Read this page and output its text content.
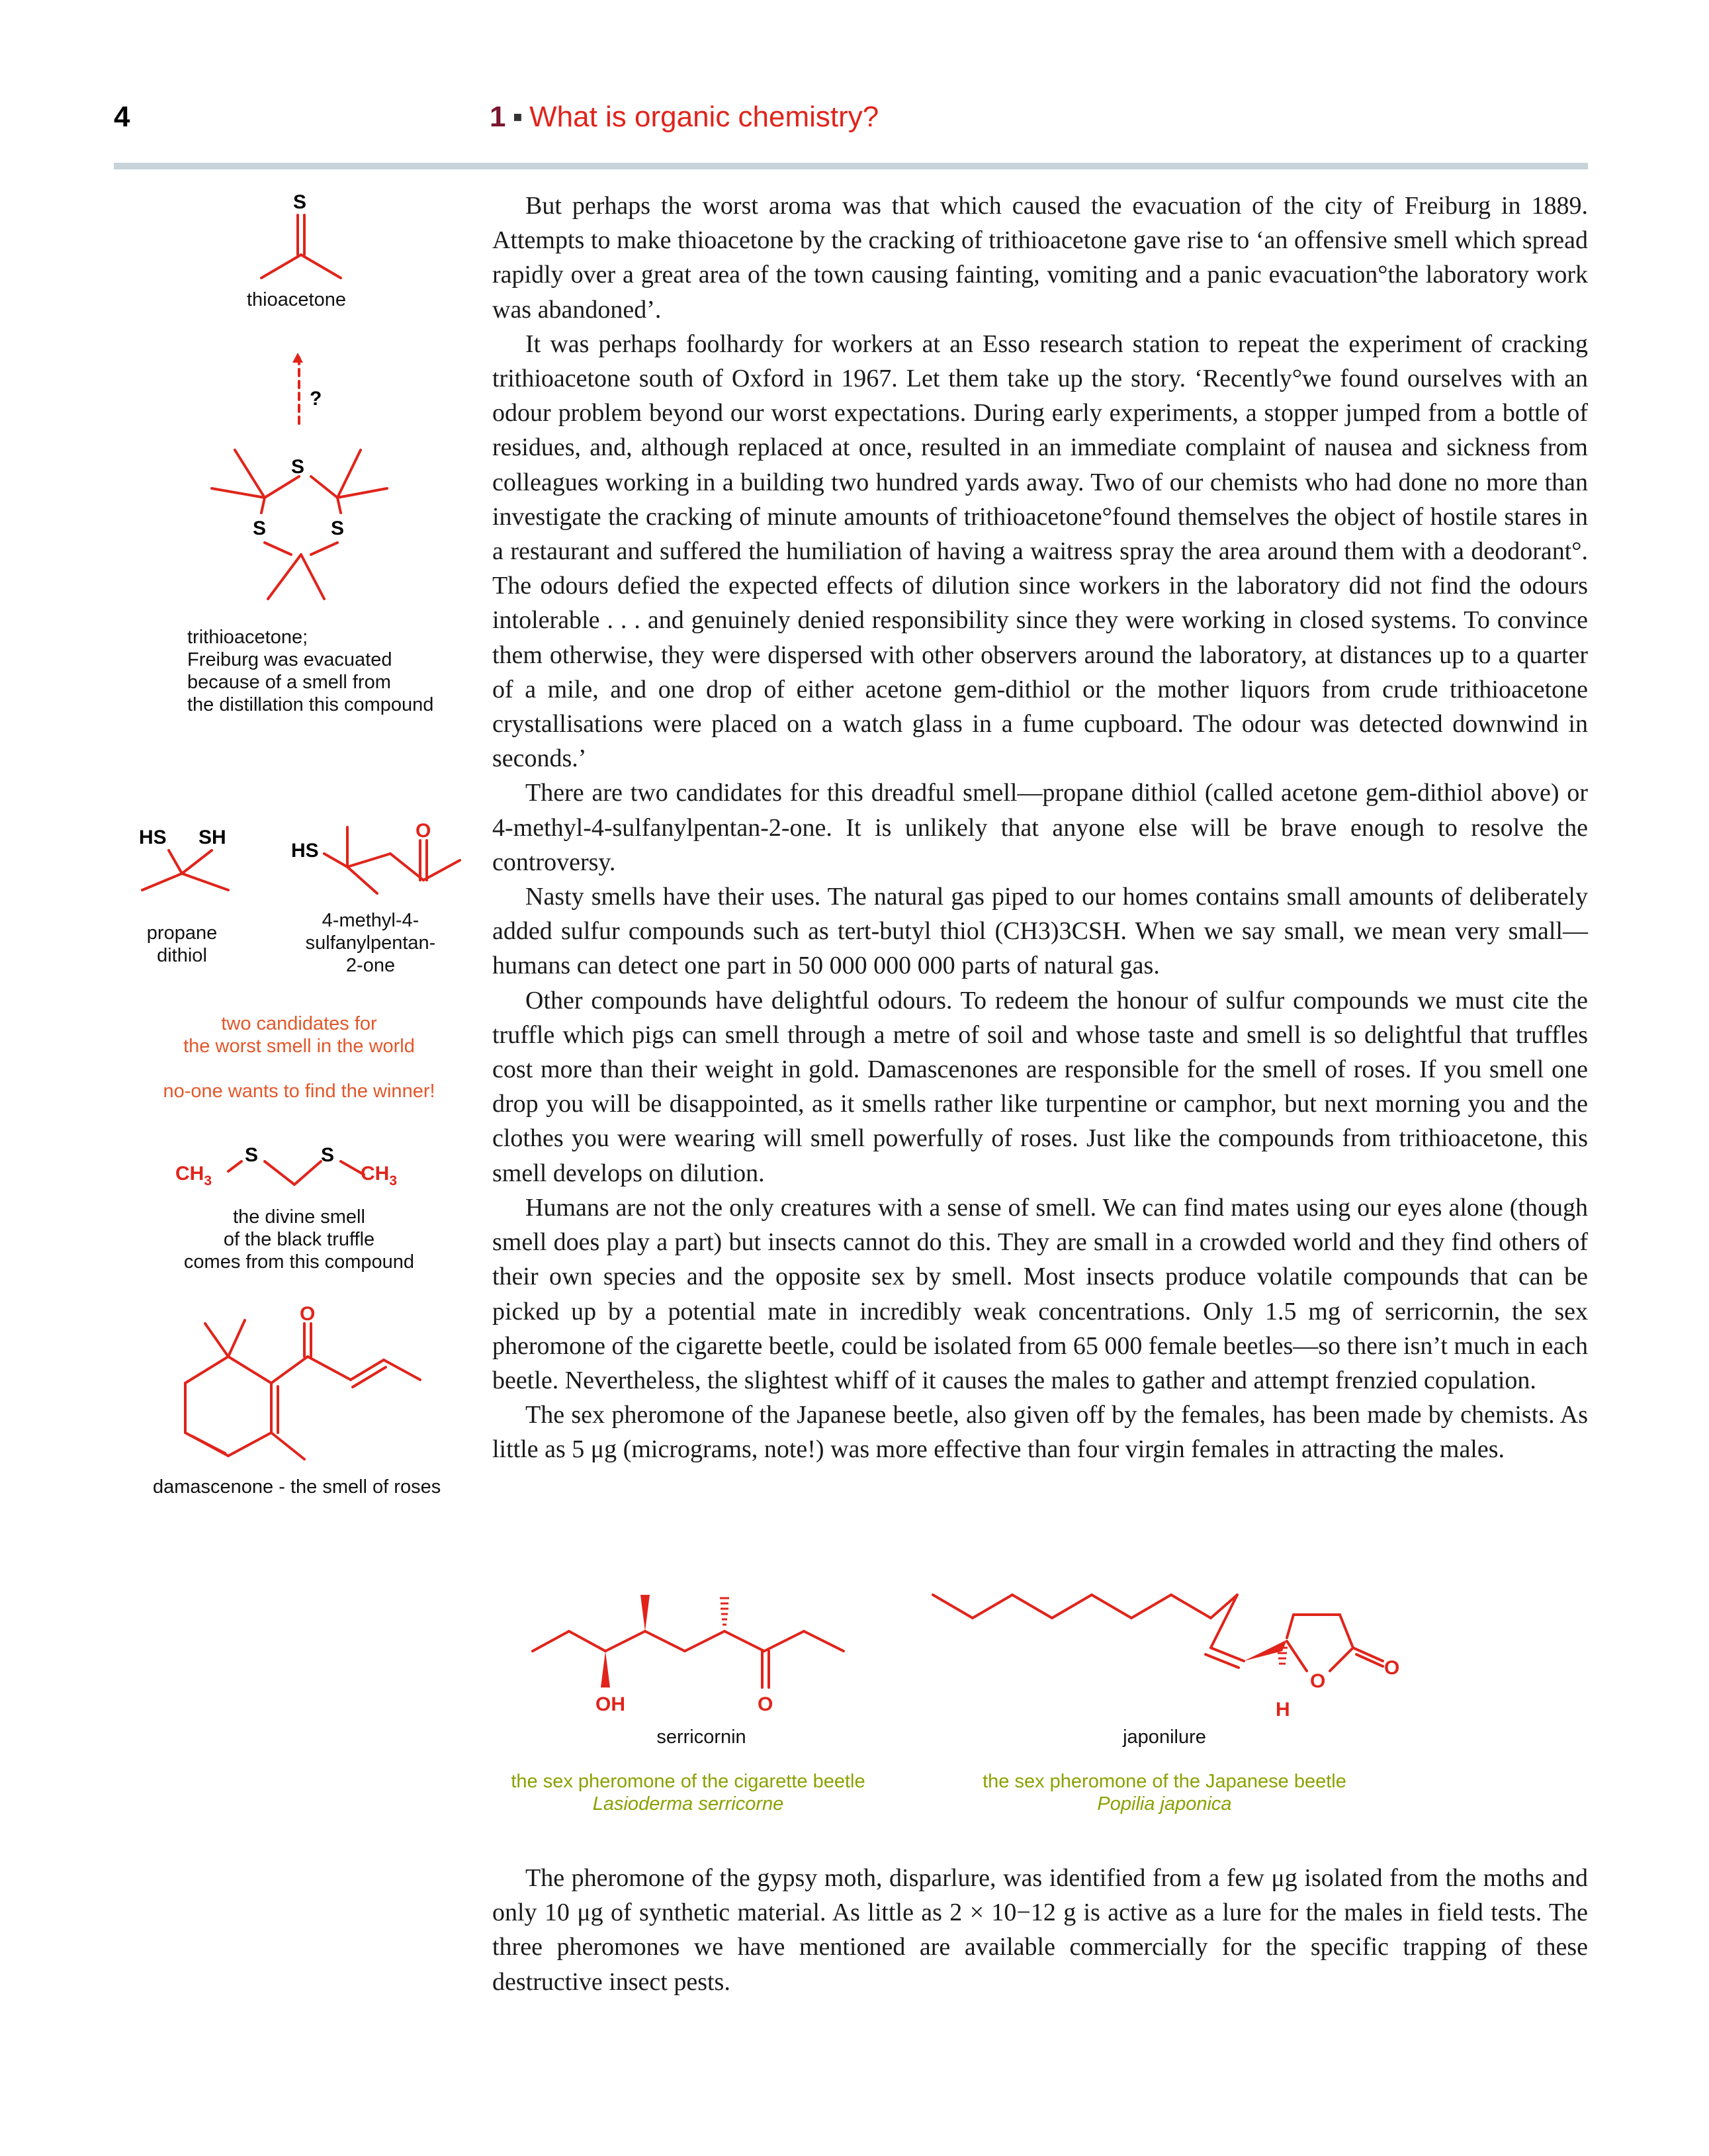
4	1 ▪ What is organic chemistry?
S
S
S	S
HS SH
HS
S	S
O
$CH_3$	$CH_3$
O
OH	O	H
O
O
?
thioacetone
trithioacetone;
Freiburg was evacuated
because of a smell from
the distillation this compound
propane
dithiol
4-methyl-4-
sulfanylpentan-
2-one
two candidates for
the worst smell in the world
no-one wants to find the winner!
the divine smell
of the black truffle
comes from this compound
damascenone - the smell of roses

But perhaps the worst aroma was that which caused the evacuation of the city of Freiburg in 1889. Attempts to make thioacetone by the cracking of trithioacetone gave rise to ‘an offensive smell which spread rapidly over a great area of the town causing fainting, vomiting and a panic evacuation°the laboratory work was abandoned’.

It was perhaps foolhardy for workers at an Esso research station to repeat the experiment of cracking trithioacetone south of Oxford in 1967. Let them take up the story. ‘Recently°we found ourselves with an odour problem beyond our worst expectations. During early experiments, a stopper jumped from a bottle of residues, and, although replaced at once, resulted in an immediate complaint of nausea and sickness from colleagues working in a building two hundred yards away. Two of our chemists who had done no more than investigate the cracking of minute amounts of trithioacetone°found themselves the object of hostile stares in a restaurant and suffered the humiliation of having a waitress spray the area around them with a deodorant°. The odours defied the expected effects of dilution since workers in the laboratory did not find the odours intolerable . . . and genuinely denied responsibility since they were working in closed systems. To convince them otherwise, they were dispersed with other observers around the laboratory, at distances up to a quarter of a mile, and one drop of either acetone gem-dithiol or the mother liquors from crude trithioacetone crystallisations were placed on a watch glass in a fume cupboard. The odour was detected downwind in seconds.’

There are two candidates for this dreadful smell—propane dithiol (called acetone gem-dithiol above) or 4-methyl-4-sulfanylpentan-2-one. It is unlikely that anyone else will be brave enough to resolve the controversy.

Nasty smells have their uses. The natural gas piped to our homes contains small amounts of deliberately added sulfur compounds such as tert-butyl thiol (CH3)3CSH. When we say small, we mean very small—humans can detect one part in 50 000 000 000 parts of natural gas.

Other compounds have delightful odours. To redeem the honour of sulfur compounds we must cite the truffle which pigs can smell through a metre of soil and whose taste and smell is so delightful that truffles cost more than their weight in gold. Damascenones are responsible for the smell of roses. If you smell one drop you will be disappointed, as it smells rather like turpentine or camphor, but next morning you and the clothes you were wearing will smell powerfully of roses. Just like the compounds from trithioacetone, this smell develops on dilution.

Humans are not the only creatures with a sense of smell. We can find mates using our eyes alone (though smell does play a part) but insects cannot do this. They are small in a crowded world and they find others of their own species and the opposite sex by smell. Most insects produce volatile compounds that can be picked up by a potential mate in incredibly weak concentrations. Only 1.5 mg of serricornin, the sex pheromone of the cigarette beetle, could be isolated from 65 000 female beetles—so there isn’t much in each beetle. Nevertheless, the slightest whiff of it causes the males to gather and attempt frenzied copulation.

The sex pheromone of the Japanese beetle, also given off by the females, has been made by chemists. As little as 5 μg (micrograms, note!) was more effective than four virgin females in attracting the males.

serricornin
the sex pheromone of the cigarette beetle
Lasioderma serricorne
japonilure
the sex pheromone of the Japanese beetle
Popilia japonica

The pheromone of the gypsy moth, disparlure, was identified from a few μg isolated from the moths and only 10 μg of synthetic material. As little as 2 × 10−12 g is active as a lure for the males in field tests. The three pheromones we have mentioned are available commercially for the specific trapping of these destructive insect pests.
